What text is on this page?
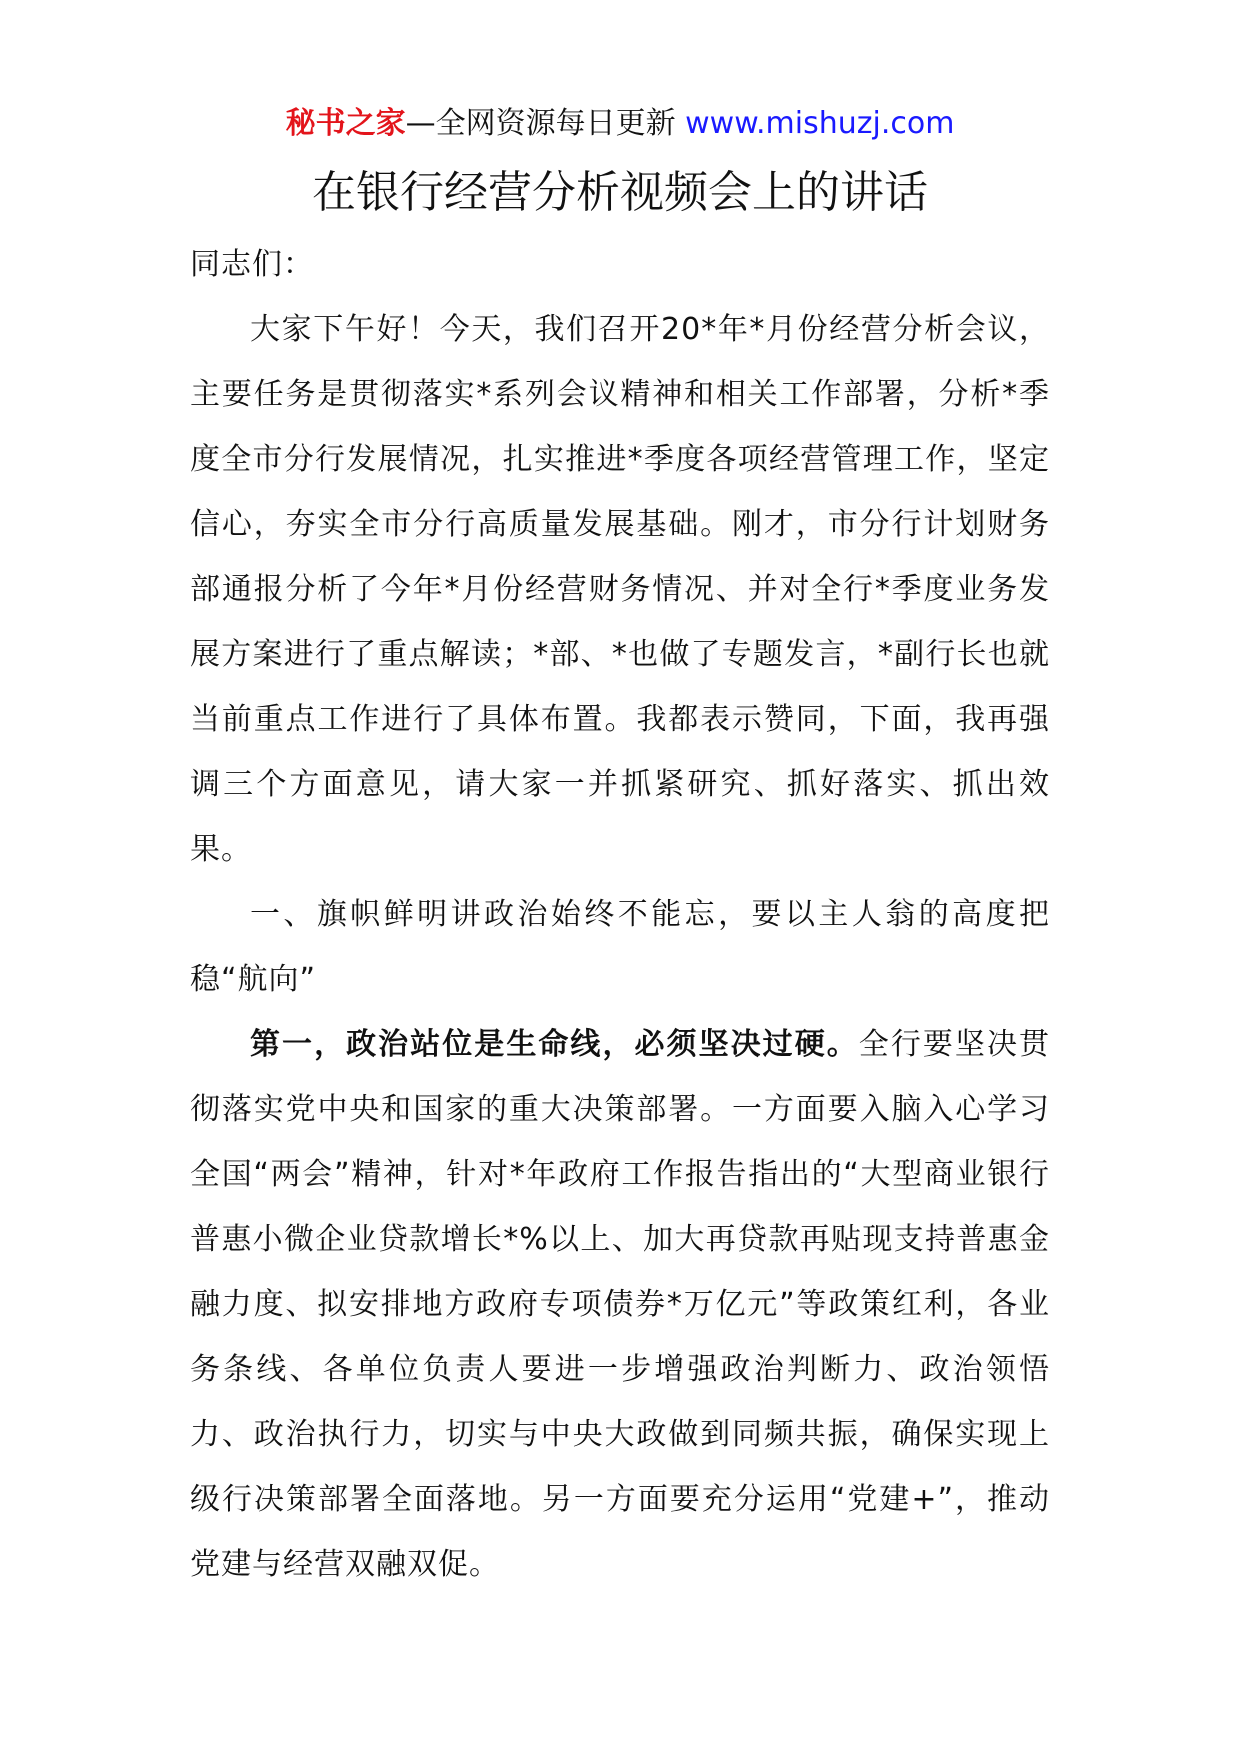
秘书之家—全网资源每日更新 www.mishuzj.com
在银行经营分析视频会上的讲话

同志们：

大家下午好！今天，我们召开20*年*月份经营分析会议，主要任务是贯彻落实*系列会议精神和相关工作部署，分析*季度全市分行发展情况，扎实推进*季度各项经营管理工作，坚定信心，夯实全市分行高质量发展基础。刚才，市分行计划财务部通报分析了今年*月份经营财务情况、并对全行*季度业务发展方案进行了重点解读；*部、*也做了专题发言，*副行长也就当前重点工作进行了具体布置。我都表示赞同，下面，我再强调三个方面意见，请大家一并抓紧研究、抓好落实、抓出效果。

一、旗帜鲜明讲政治始终不能忘，要以主人翁的高度把稳“航向”

第一，政治站位是生命线，必须坚决过硬。全行要坚决贯彻落实党中央和国家的重大决策部署。一方面要入脑入心学习全国“两会”精神，针对*年政府工作报告指出的“大型商业银行普惠小微企业贷款增长*%以上、加大再贷款再贴现支持普惠金融力度、拟安排地方政府专项债券*万亿元”等政策红利，各业务条线、各单位负责人要进一步增强政治判断力、政治领悟力、政治执行力，切实与中央大政做到同频共振，确保实现上级行决策部署全面落地。另一方面要充分运用“党建+”，推动党建与经营双融双促。
